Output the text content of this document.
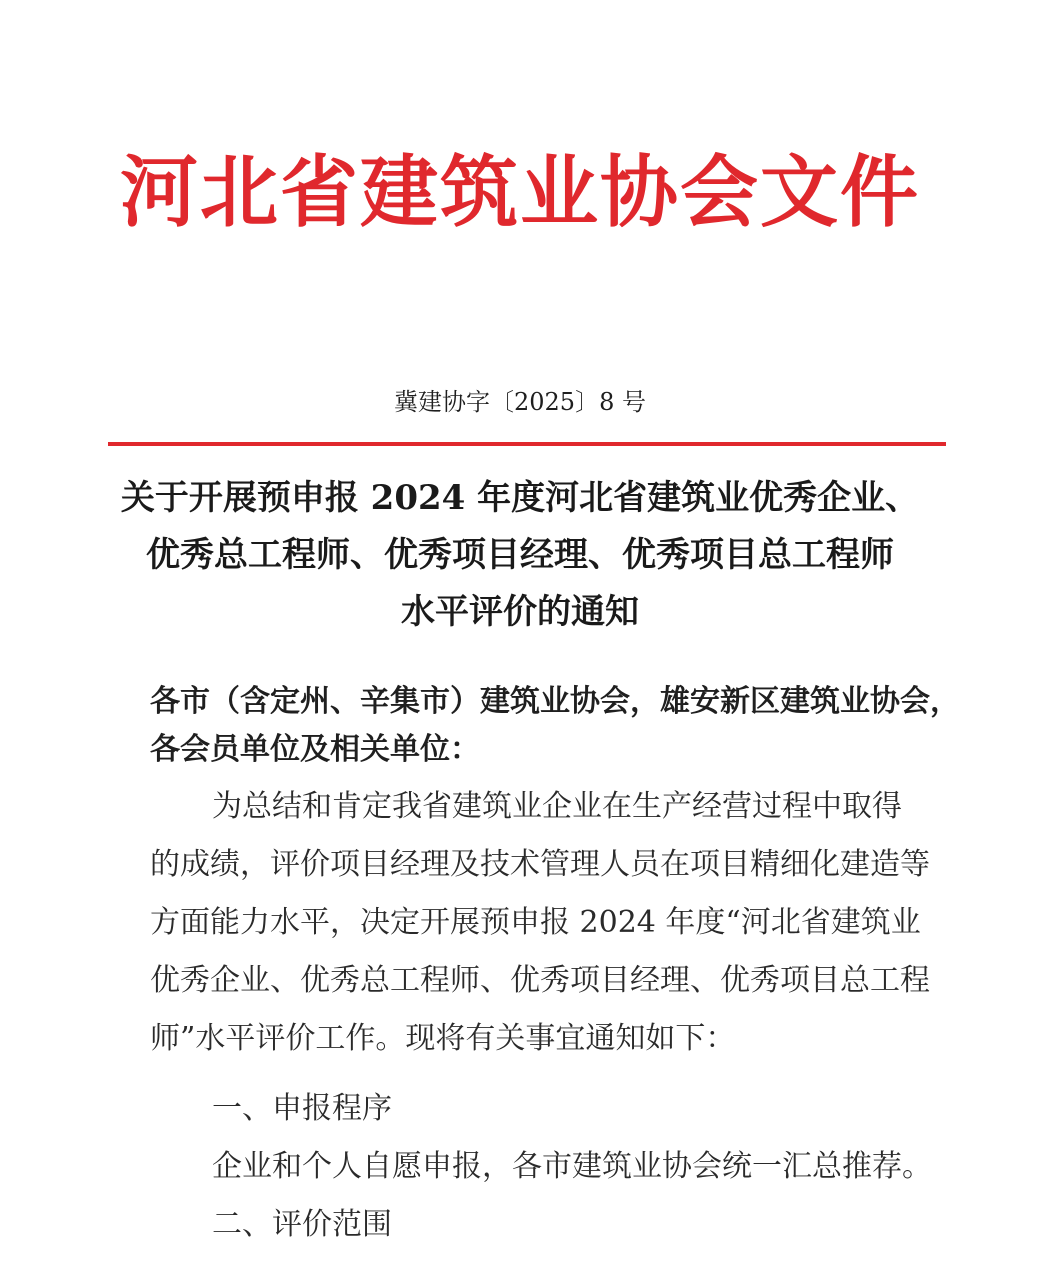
河北省建筑业协会文件
冀建协字〔2025〕8 号
关于开展预申报 2024 年度河北省建筑业优秀企业、
优秀总工程师、优秀项目经理、优秀项目总工程师
水平评价的通知
各市（含定州、辛集市）建筑业协会，雄安新区建筑业协会，
各会员单位及相关单位：
为总结和肯定我省建筑业企业在生产经营过程中取得
的成绩，评价项目经理及技术管理人员在项目精细化建造等
方面能力水平，决定开展预申报 2024 年度“河北省建筑业
优秀企业、优秀总工程师、优秀项目经理、优秀项目总工程
师”水平评价工作。现将有关事宜通知如下：
一、申报程序
企业和个人自愿申报，各市建筑业协会统一汇总推荐。
二、评价范围
